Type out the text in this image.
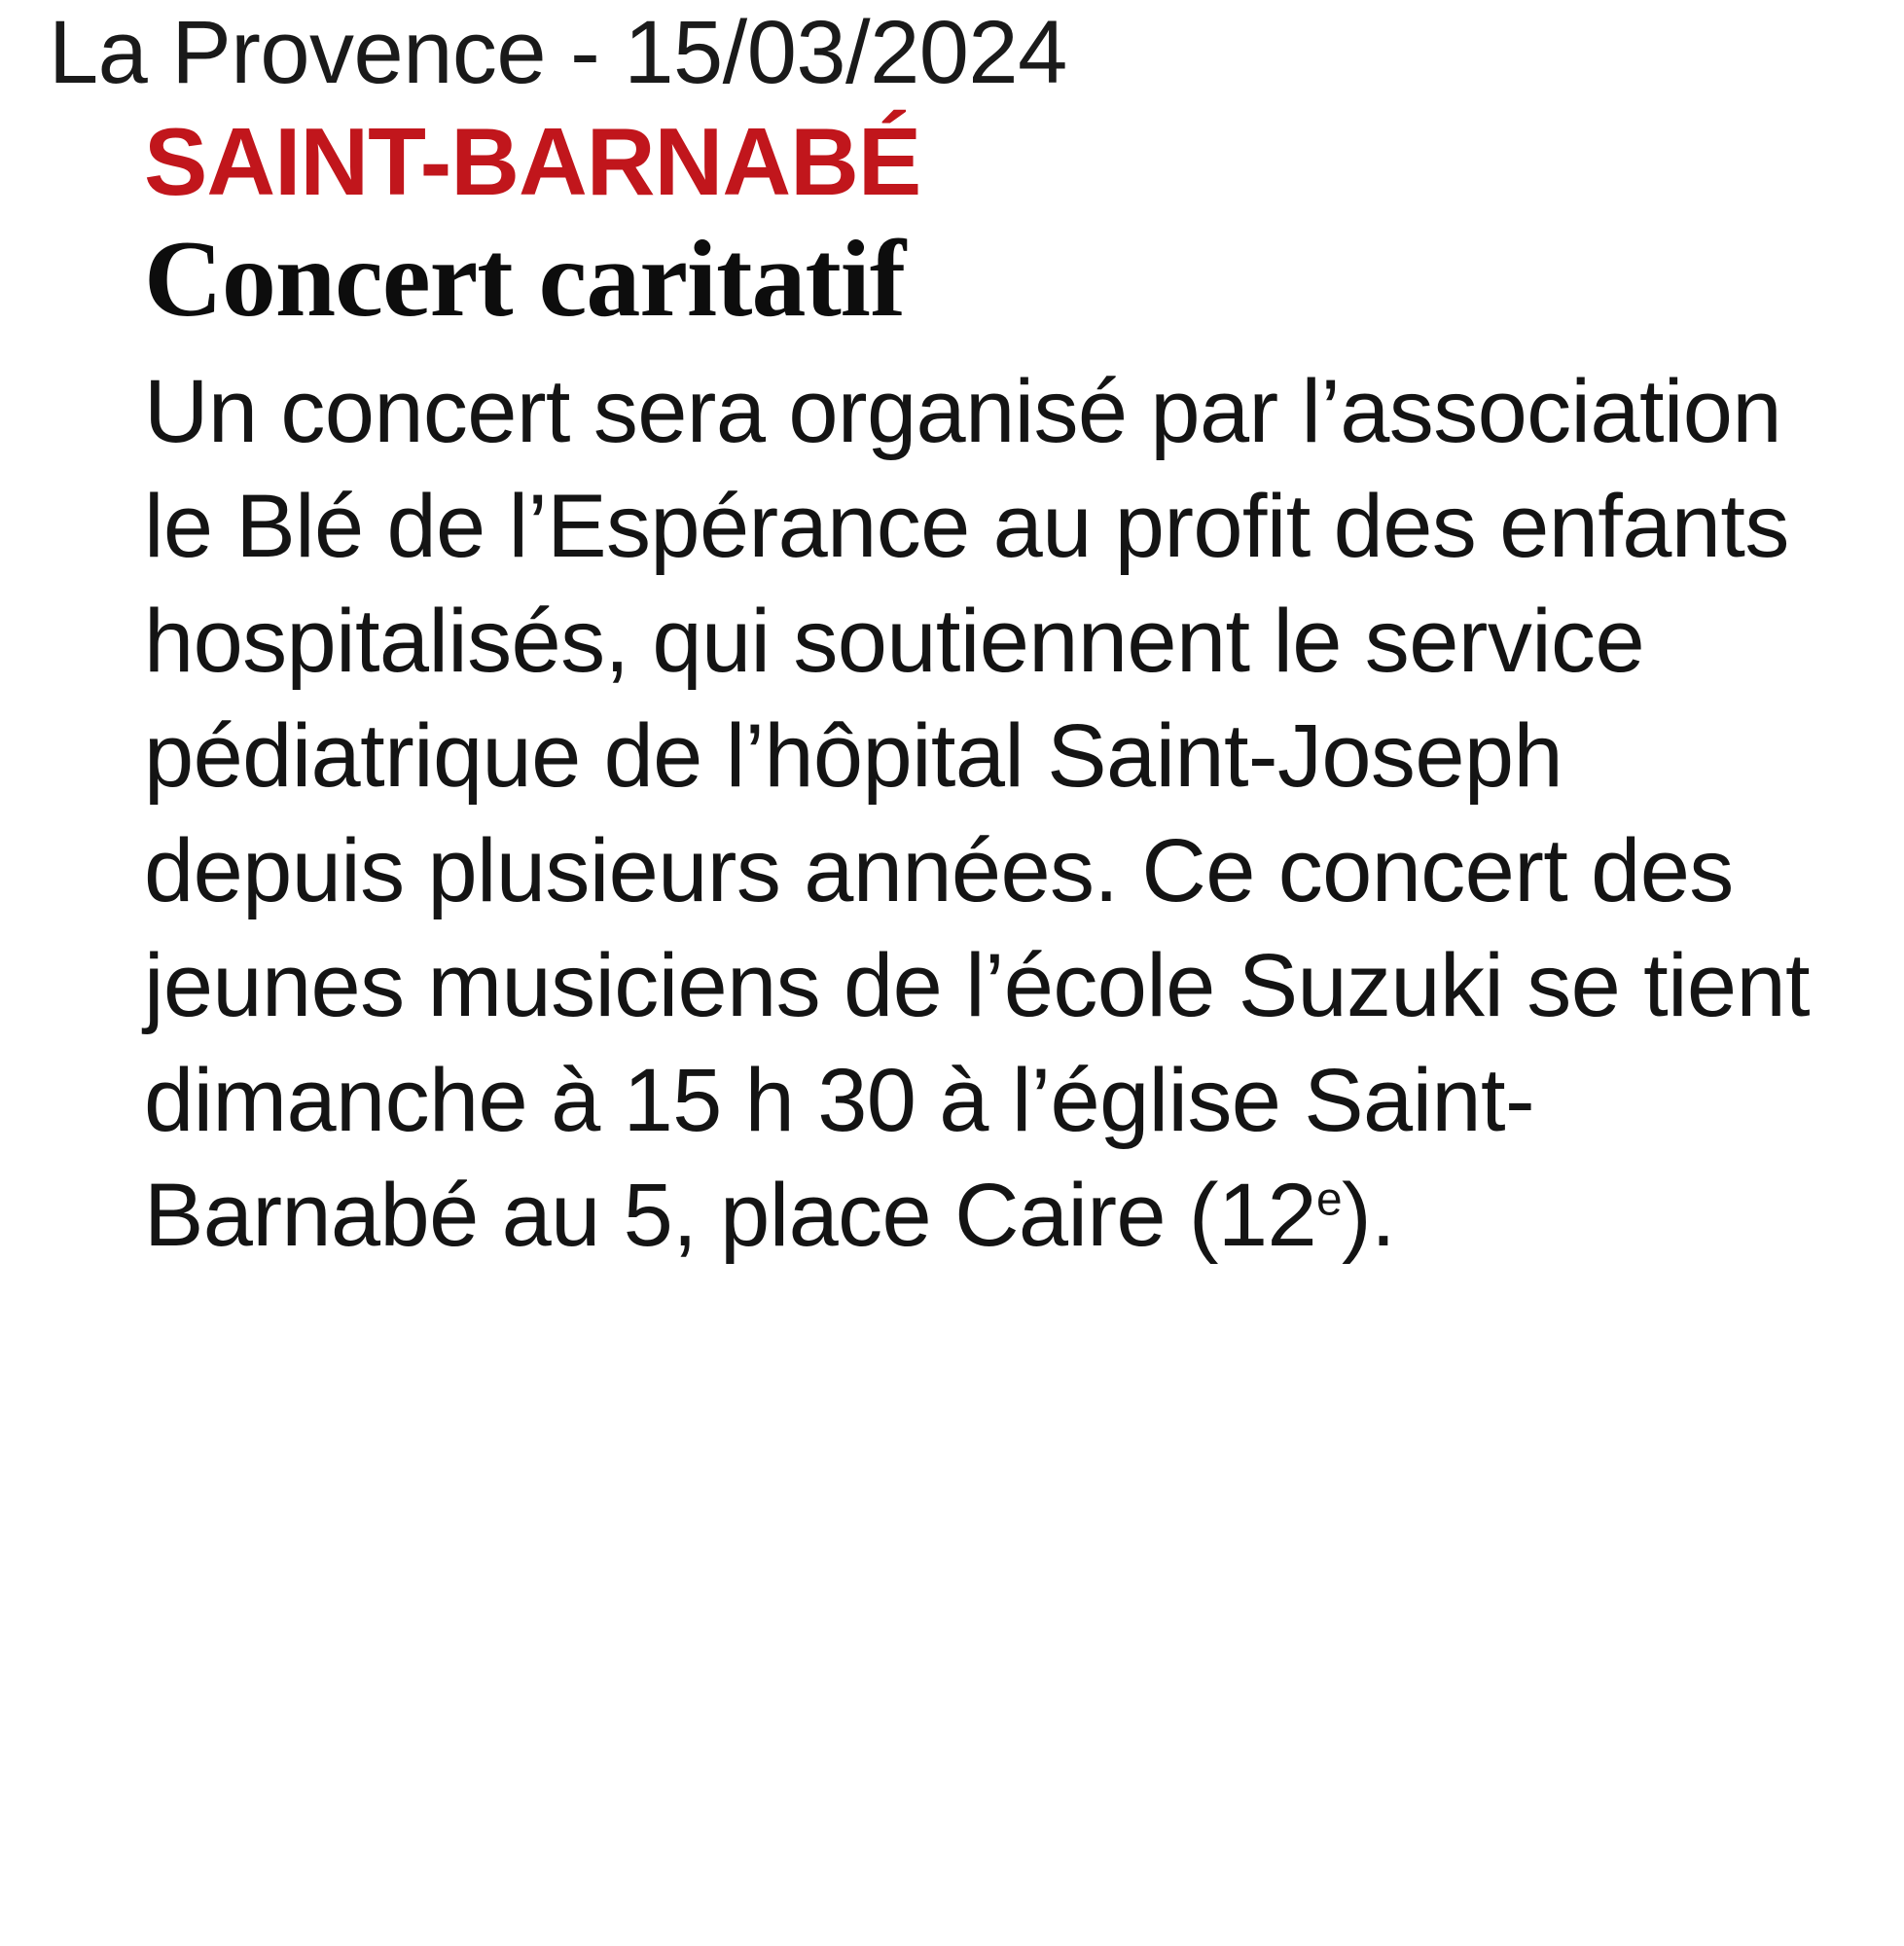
La Provence - 15/03/2024
SAINT-BARNABÉ
Concert caritatif

Un concert sera organisé par l’association le Blé de l’Espérance au profit des enfants hospitalisés, qui soutiennent le service pédiatrique de l’hôpital Saint-Joseph depuis plusieurs années. Ce concert des jeunes musiciens de l’école Suzuki se tient dimanche à 15 h 30 à l’église Saint-Barnabé au 5, place Caire (12e).
